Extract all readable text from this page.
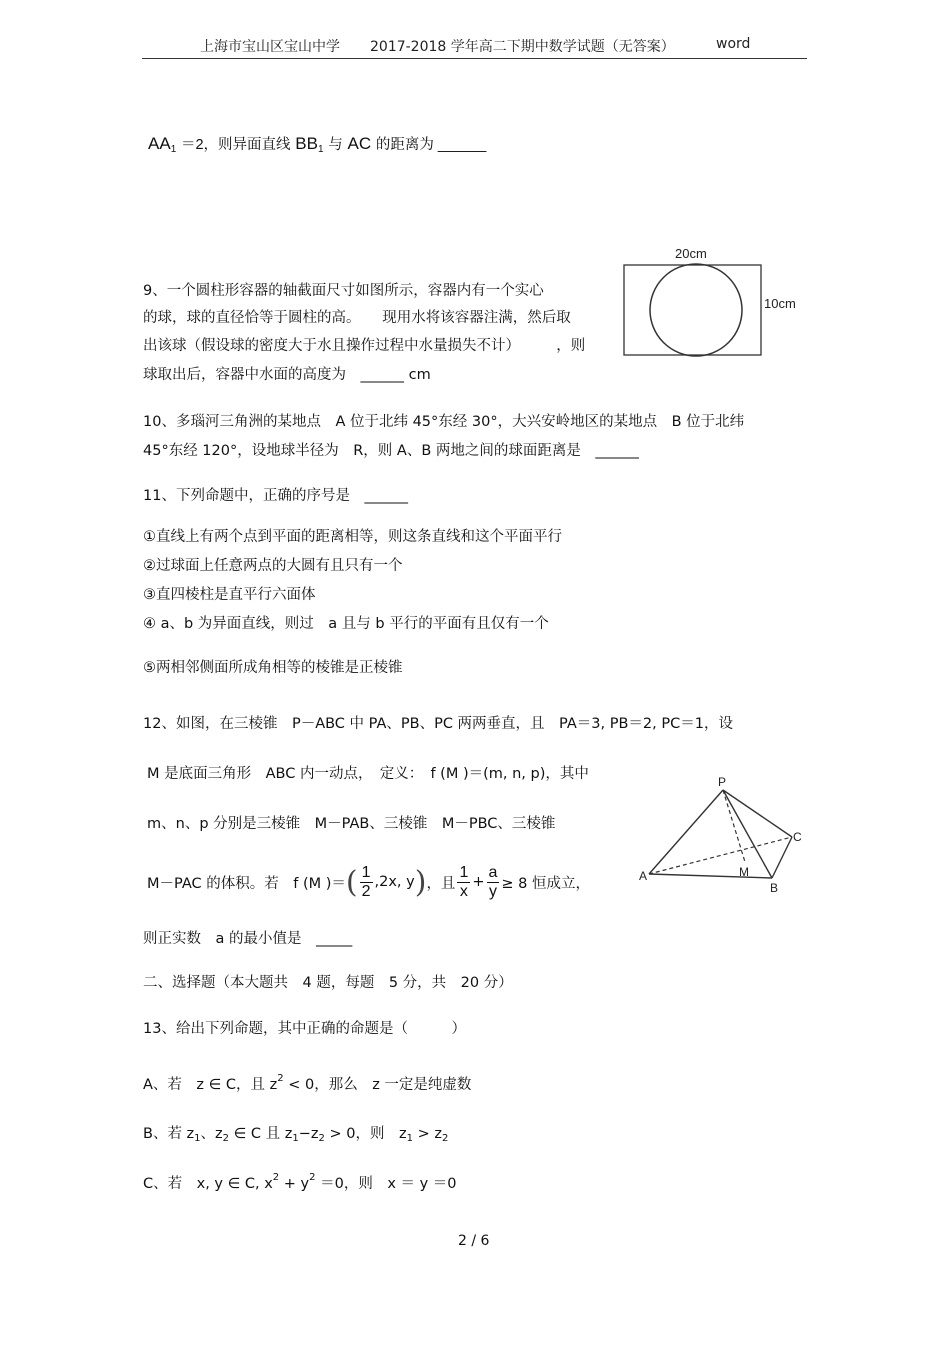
上海市宝山区宝山中学 2017-2018 学年高二下期中数学试题（无答案）	word
$AA_1 =2$，则异面直线 $BB_1$ 与 AC 的距离为 ______
9、一个圆柱形容器的轴截面尺寸如图所示，容器内有一个实心
的球，球的直径恰等于圆柱的高。　　现用水将该容器注满，然后取
出该球（假设球的密度大于水且操作过程中水量损失不计）　　　，则
球取出后，容器中水面的高度为　______ cm
20cm
10cm
10、多瑙河三角洲的某地点　A 位于北纬 45°东经 30°，大兴安岭地区的某地点　B 位于北纬
45°东经 120°，设地球半径为　R，则 A、B 两地之间的球面距离是　______
11、下列命题中，正确的序号是　______
①直线上有两个点到平面的距离相等，则这条直线和这个平面平行
②过球面上任意两点的大圆有且只有一个
③直四棱柱是直平行六面体
④ a、b 为异面直线，则过　a 且与 b 平行的平面有且仅有一个
⑤两相邻侧面所成角相等的棱锥是正棱锥
12、如图，在三棱锥　P－ABC 中 PA、PB、PC 两两垂直，且　PA＝3, PB＝2, PC＝1，设
M 是底面三角形　ABC 内一动点，　定义：　f (M )＝(m, n, p)，其中
m、n、p 分别是三棱锥　M－PAB、三棱锥　M－PBC、三棱锥
M－PAC 的体积。若　f (M )＝ ( $\frac{1}{2} ,2x$, y ) ，且 $\frac{1}{x} + \frac{a}{y} \ge 8$ 恒成立，
则正实数　a 的最小值是　_____
P
A
B
C
M
二、选择题（本大题共　4 题，每题　5 分，共　20 分）
13、给出下列命题，其中正确的命题是（　　　）
A、若　z ∈ C，且 $z^2 < 0$，那么　z 一定是纯虚数
B、若 $z_1$、$z_2$ ∈ C 且 $z_1-z_2 > 0$，则　$z_1 > z_2$
C、若　x, y ∈ C, $x^2 + y^2 =0$，则　x ＝ y ＝0
2 / 6
